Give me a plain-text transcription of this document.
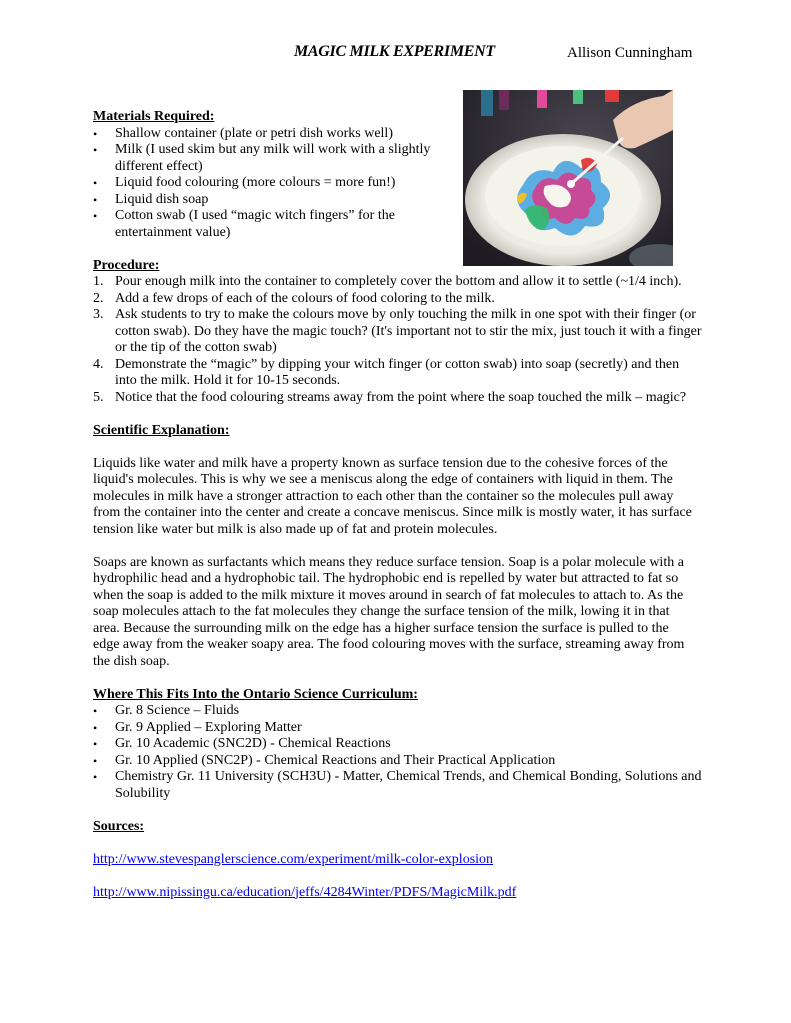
MAGIC MILK EXPERIMENT	Allison Cunningham

Materials Required:

• Shallow container (plate or petri dish works well)
• Milk (I used skim but any milk will work with a slightly different effect)
• Liquid food colouring (more colours = more fun!)
• Liquid dish soap
• Cotton swab (I used “magic witch fingers” for the entertainment value)

Procedure:

1. Pour enough milk into the container to completely cover the bottom and allow it to settle (~1/4 inch).
2. Add a few drops of each of the colours of food coloring to the milk.
3. Ask students to try to make the colours move by only touching the milk in one spot with their finger (or cotton swab). Do they have the magic touch? (It's important not to stir the mix, just touch it with a finger or the tip of the cotton swab)
4. Demonstrate the “magic” by dipping your witch finger (or cotton swab) into soap (secretly) and then into the milk. Hold it for 10-15 seconds.
5. Notice that the food colouring streams away from the point where the soap touched the milk – magic?

Scientific Explanation:

Liquids like water and milk have a property known as surface tension due to the cohesive forces of the liquid's molecules. This is why we see a meniscus along the edge of containers with liquid in them. The molecules in milk have a stronger attraction to each other than the container so the molecules pull away from the container into the center and create a concave meniscus. Since milk is mostly water, it has surface tension like water but milk is also made up of fat and protein molecules.

Soaps are known as surfactants which means they reduce surface tension. Soap is a polar molecule with a hydrophilic head and a hydrophobic tail. The hydrophobic end is repelled by water but attracted to fat so when the soap is added to the milk mixture it moves around in search of fat molecules to attach to. As the soap molecules attach to the fat molecules they change the surface tension of the milk, lowing it in that area. Because the surrounding milk on the edge has a higher surface tension the surface is pulled to the edge away from the weaker soapy area. The food colouring moves with the surface, streaming away from the dish soap.

Where This Fits Into the Ontario Science Curriculum:

• Gr. 8 Science – Fluids
• Gr. 9 Applied – Exploring Matter
• Gr. 10 Academic (SNC2D) - Chemical Reactions
• Gr. 10 Applied (SNC2P) - Chemical Reactions and Their Practical Application
• Chemistry Gr. 11 University (SCH3U) - Matter, Chemical Trends, and Chemical Bonding, Solutions and Solubility

Sources:

http://www.stevespanglerscience.com/experiment/milk-color-explosion

http://www.nipissingu.ca/education/jeffs/4284Winter/PDFS/MagicMilk.pdf
